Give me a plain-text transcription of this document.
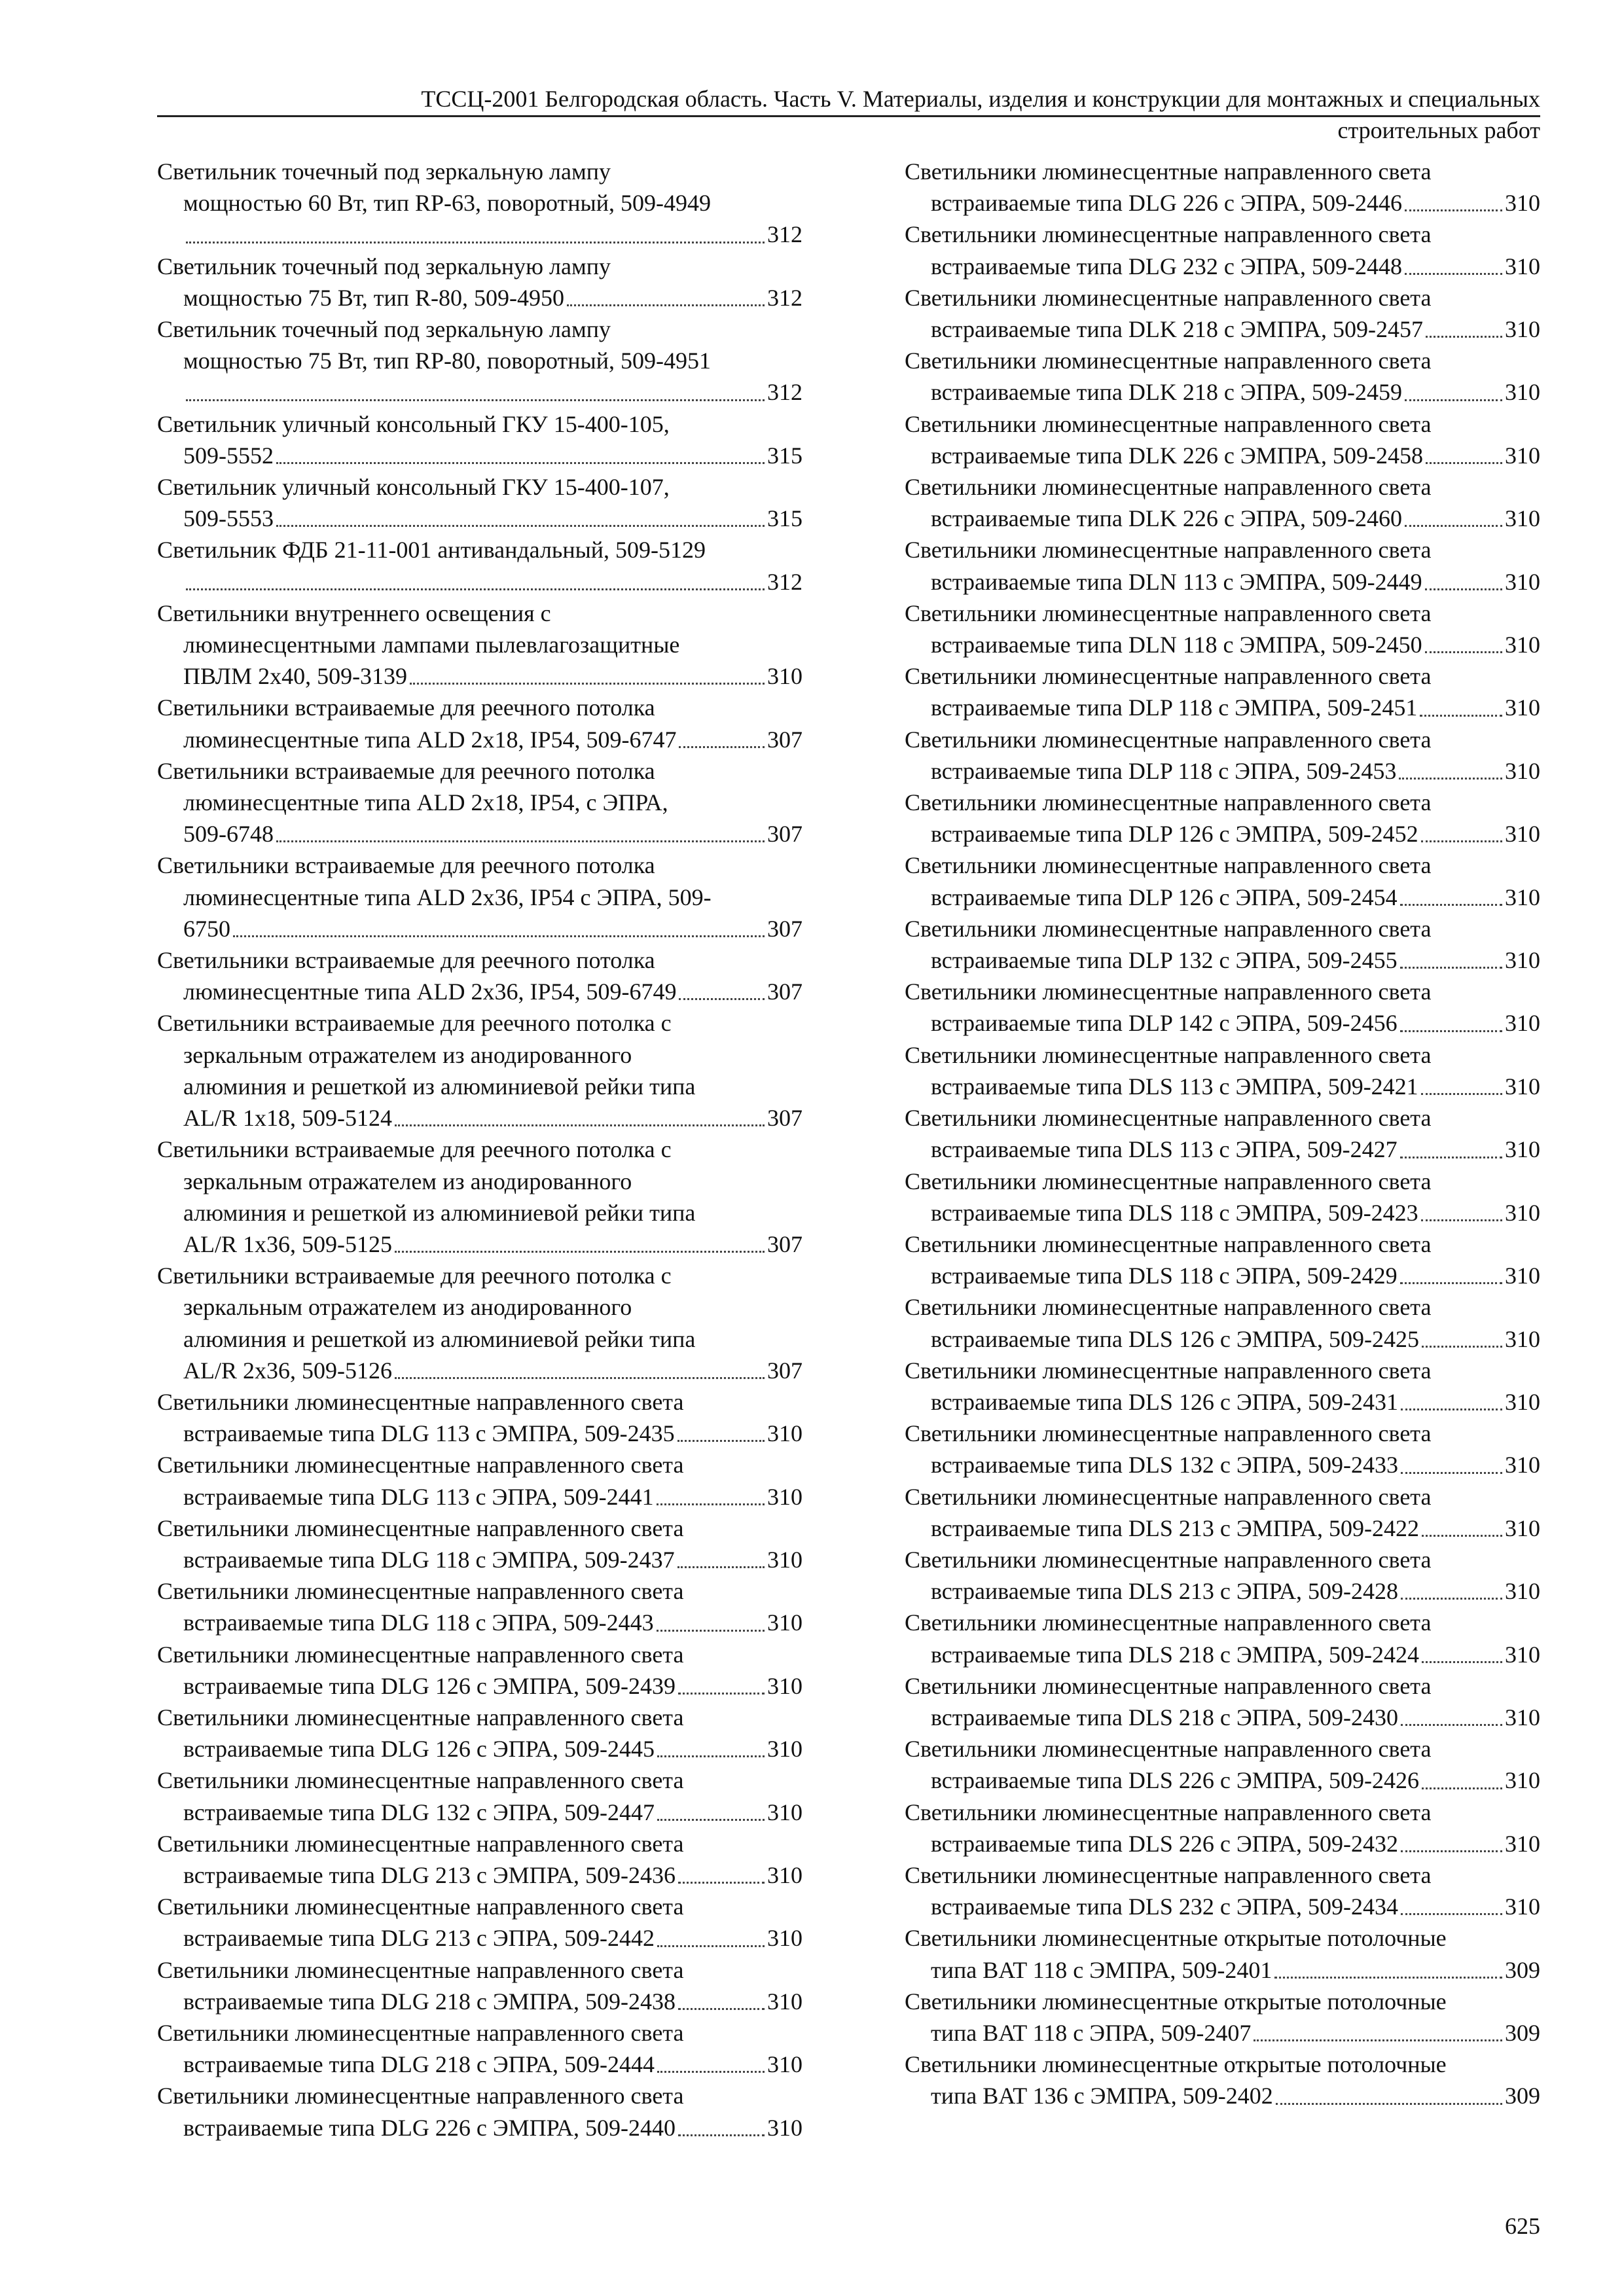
ТССЦ-2001 Белгородская область. Часть V. Материалы, изделия и конструкции для монтажных и специальных
строительных работ
Светильник точечный под зеркальную лампу
мощностью 60 Вт, тип RP-63, поворотный, 509-4949
312
Светильник точечный под зеркальную лампу
мощностью 75 Вт, тип R-80, 509-4950	312
Светильник точечный под зеркальную лампу
мощностью 75 Вт, тип RP-80, поворотный, 509-4951
312
Светильник уличный консольный ГКУ 15-400-105,
509-5552	315
Светильник уличный консольный ГКУ 15-400-107,
509-5553	315
Светильник ФДБ 21-11-001 антивандальный, 509-5129
312
Светильники внутреннего освещения с
люминесцентными лампами пылевлагозащитные
ПВЛМ 2x40, 509-3139	310
Светильники встраиваемые для реечного потолка
люминесцентные типа ALD 2x18, IP54, 509-6747	307
Светильники встраиваемые для реечного потолка
люминесцентные типа ALD 2x18, IP54, с ЭПРА,
509-6748	307
Светильники встраиваемые для реечного потолка
люминесцентные типа ALD 2x36, IP54 с ЭПРА, 509-
6750	307
Светильники встраиваемые для реечного потолка
люминесцентные типа ALD 2x36, IP54, 509-6749	307
Светильники встраиваемые для реечного потолка с
зеркальным отражателем из анодированного
алюминия и решеткой из алюминиевой рейки типа
AL/R 1x18, 509-5124	307
Светильники встраиваемые для реечного потолка с
зеркальным отражателем из анодированного
алюминия и решеткой из алюминиевой рейки типа
AL/R 1x36, 509-5125	307
Светильники встраиваемые для реечного потолка с
зеркальным отражателем из анодированного
алюминия и решеткой из алюминиевой рейки типа
AL/R 2x36, 509-5126	307
Светильники люминесцентные направленного света
встраиваемые типа DLG 113 с ЭМПРА, 509-2435	310
Светильники люминесцентные направленного света
встраиваемые типа DLG 113 с ЭПРА, 509-2441	310
Светильники люминесцентные направленного света
встраиваемые типа DLG 118 с ЭМПРА, 509-2437	310
Светильники люминесцентные направленного света
встраиваемые типа DLG 118 с ЭПРА, 509-2443	310
Светильники люминесцентные направленного света
встраиваемые типа DLG 126 с ЭМПРА, 509-2439	310
Светильники люминесцентные направленного света
встраиваемые типа DLG 126 с ЭПРА, 509-2445	310
Светильники люминесцентные направленного света
встраиваемые типа DLG 132 с ЭПРА, 509-2447	310
Светильники люминесцентные направленного света
встраиваемые типа DLG 213 с ЭМПРА, 509-2436	310
Светильники люминесцентные направленного света
встраиваемые типа DLG 213 с ЭПРА, 509-2442	310
Светильники люминесцентные направленного света
встраиваемые типа DLG 218 с ЭМПРА, 509-2438	310
Светильники люминесцентные направленного света
встраиваемые типа DLG 218 с ЭПРА, 509-2444	310
Светильники люминесцентные направленного света
встраиваемые типа DLG 226 с ЭМПРА, 509-2440	310
Светильники люминесцентные направленного света
встраиваемые типа DLG 226 с ЭПРА, 509-2446	310
Светильники люминесцентные направленного света
встраиваемые типа DLG 232 с ЭПРА, 509-2448	310
Светильники люминесцентные направленного света
встраиваемые типа DLK 218 с ЭМПРА, 509-2457	310
Светильники люминесцентные направленного света
встраиваемые типа DLK 218 с ЭПРА, 509-2459	310
Светильники люминесцентные направленного света
встраиваемые типа DLK 226 с ЭМПРА, 509-2458	310
Светильники люминесцентные направленного света
встраиваемые типа DLK 226 с ЭПРА, 509-2460	310
Светильники люминесцентные направленного света
встраиваемые типа DLN 113 с ЭМПРА, 509-2449	310
Светильники люминесцентные направленного света
встраиваемые типа DLN 118 с ЭМПРА, 509-2450	310
Светильники люминесцентные направленного света
встраиваемые типа DLP 118 с ЭМПРА, 509-2451	310
Светильники люминесцентные направленного света
встраиваемые типа DLP 118 с ЭПРА, 509-2453	310
Светильники люминесцентные направленного света
встраиваемые типа DLP 126 с ЭМПРА, 509-2452	310
Светильники люминесцентные направленного света
встраиваемые типа DLP 126 с ЭПРА, 509-2454	310
Светильники люминесцентные направленного света
встраиваемые типа DLP 132 с ЭПРА, 509-2455	310
Светильники люминесцентные направленного света
встраиваемые типа DLP 142 с ЭПРА, 509-2456	310
Светильники люминесцентные направленного света
встраиваемые типа DLS 113 с ЭМПРА, 509-2421	310
Светильники люминесцентные направленного света
встраиваемые типа DLS 113 с ЭПРА, 509-2427	310
Светильники люминесцентные направленного света
встраиваемые типа DLS 118 с ЭМПРА, 509-2423	310
Светильники люминесцентные направленного света
встраиваемые типа DLS 118 с ЭПРА, 509-2429	310
Светильники люминесцентные направленного света
встраиваемые типа DLS 126 с ЭМПРА, 509-2425	310
Светильники люминесцентные направленного света
встраиваемые типа DLS 126 с ЭПРА, 509-2431	310
Светильники люминесцентные направленного света
встраиваемые типа DLS 132 с ЭПРА, 509-2433	310
Светильники люминесцентные направленного света
встраиваемые типа DLS 213 с ЭМПРА, 509-2422	310
Светильники люминесцентные направленного света
встраиваемые типа DLS 213 с ЭПРА, 509-2428	310
Светильники люминесцентные направленного света
встраиваемые типа DLS 218 с ЭМПРА, 509-2424	310
Светильники люминесцентные направленного света
встраиваемые типа DLS 218 с ЭПРА, 509-2430	310
Светильники люминесцентные направленного света
встраиваемые типа DLS 226 с ЭМПРА, 509-2426	310
Светильники люминесцентные направленного света
встраиваемые типа DLS 226 с ЭПРА, 509-2432	310
Светильники люминесцентные направленного света
встраиваемые типа DLS 232 с ЭПРА, 509-2434	310
Светильники люминесцентные открытые потолочные
типа BAT 118 с ЭМПРА, 509-2401	309
Светильники люминесцентные открытые потолочные
типа BAT 118 с ЭПРА, 509-2407	309
Светильники люминесцентные открытые потолочные
типа BAT 136 с ЭМПРА, 509-2402	309
625
